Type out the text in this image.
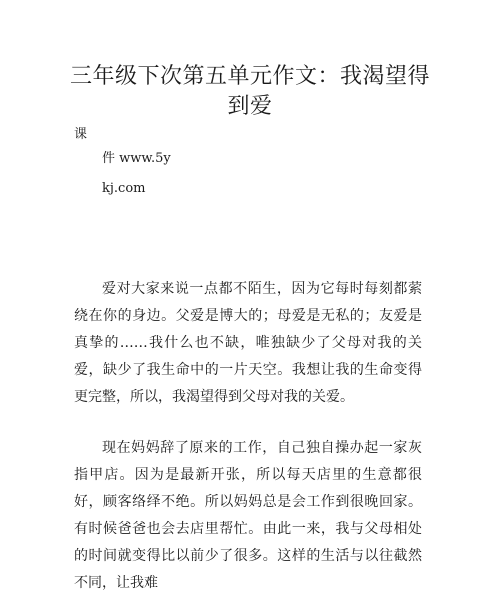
三年级下次第五单元作文：我渴望得到爱

课

件 www.5y

kj.com

爱对大家来说一点都不陌生，因为它每时每刻都萦绕在你的身边。父爱是博大的；母爱是无私的；友爱是真挚的……我什么也不缺，唯独缺少了父母对我的关爱，缺少了我生命中的一片天空。我想让我的生命变得更完整，所以，我渴望得到父母对我的关爱。

现在妈妈辞了原来的工作，自己独自操办起一家灰指甲店。因为是最新开张，所以每天店里的生意都很好，顾客络绎不绝。所以妈妈总是会工作到很晚回家。有时候爸爸也会去店里帮忙。由此一来，我与父母相处的时间就变得比以前少了很多。这样的生活与以往截然不同，让我难
